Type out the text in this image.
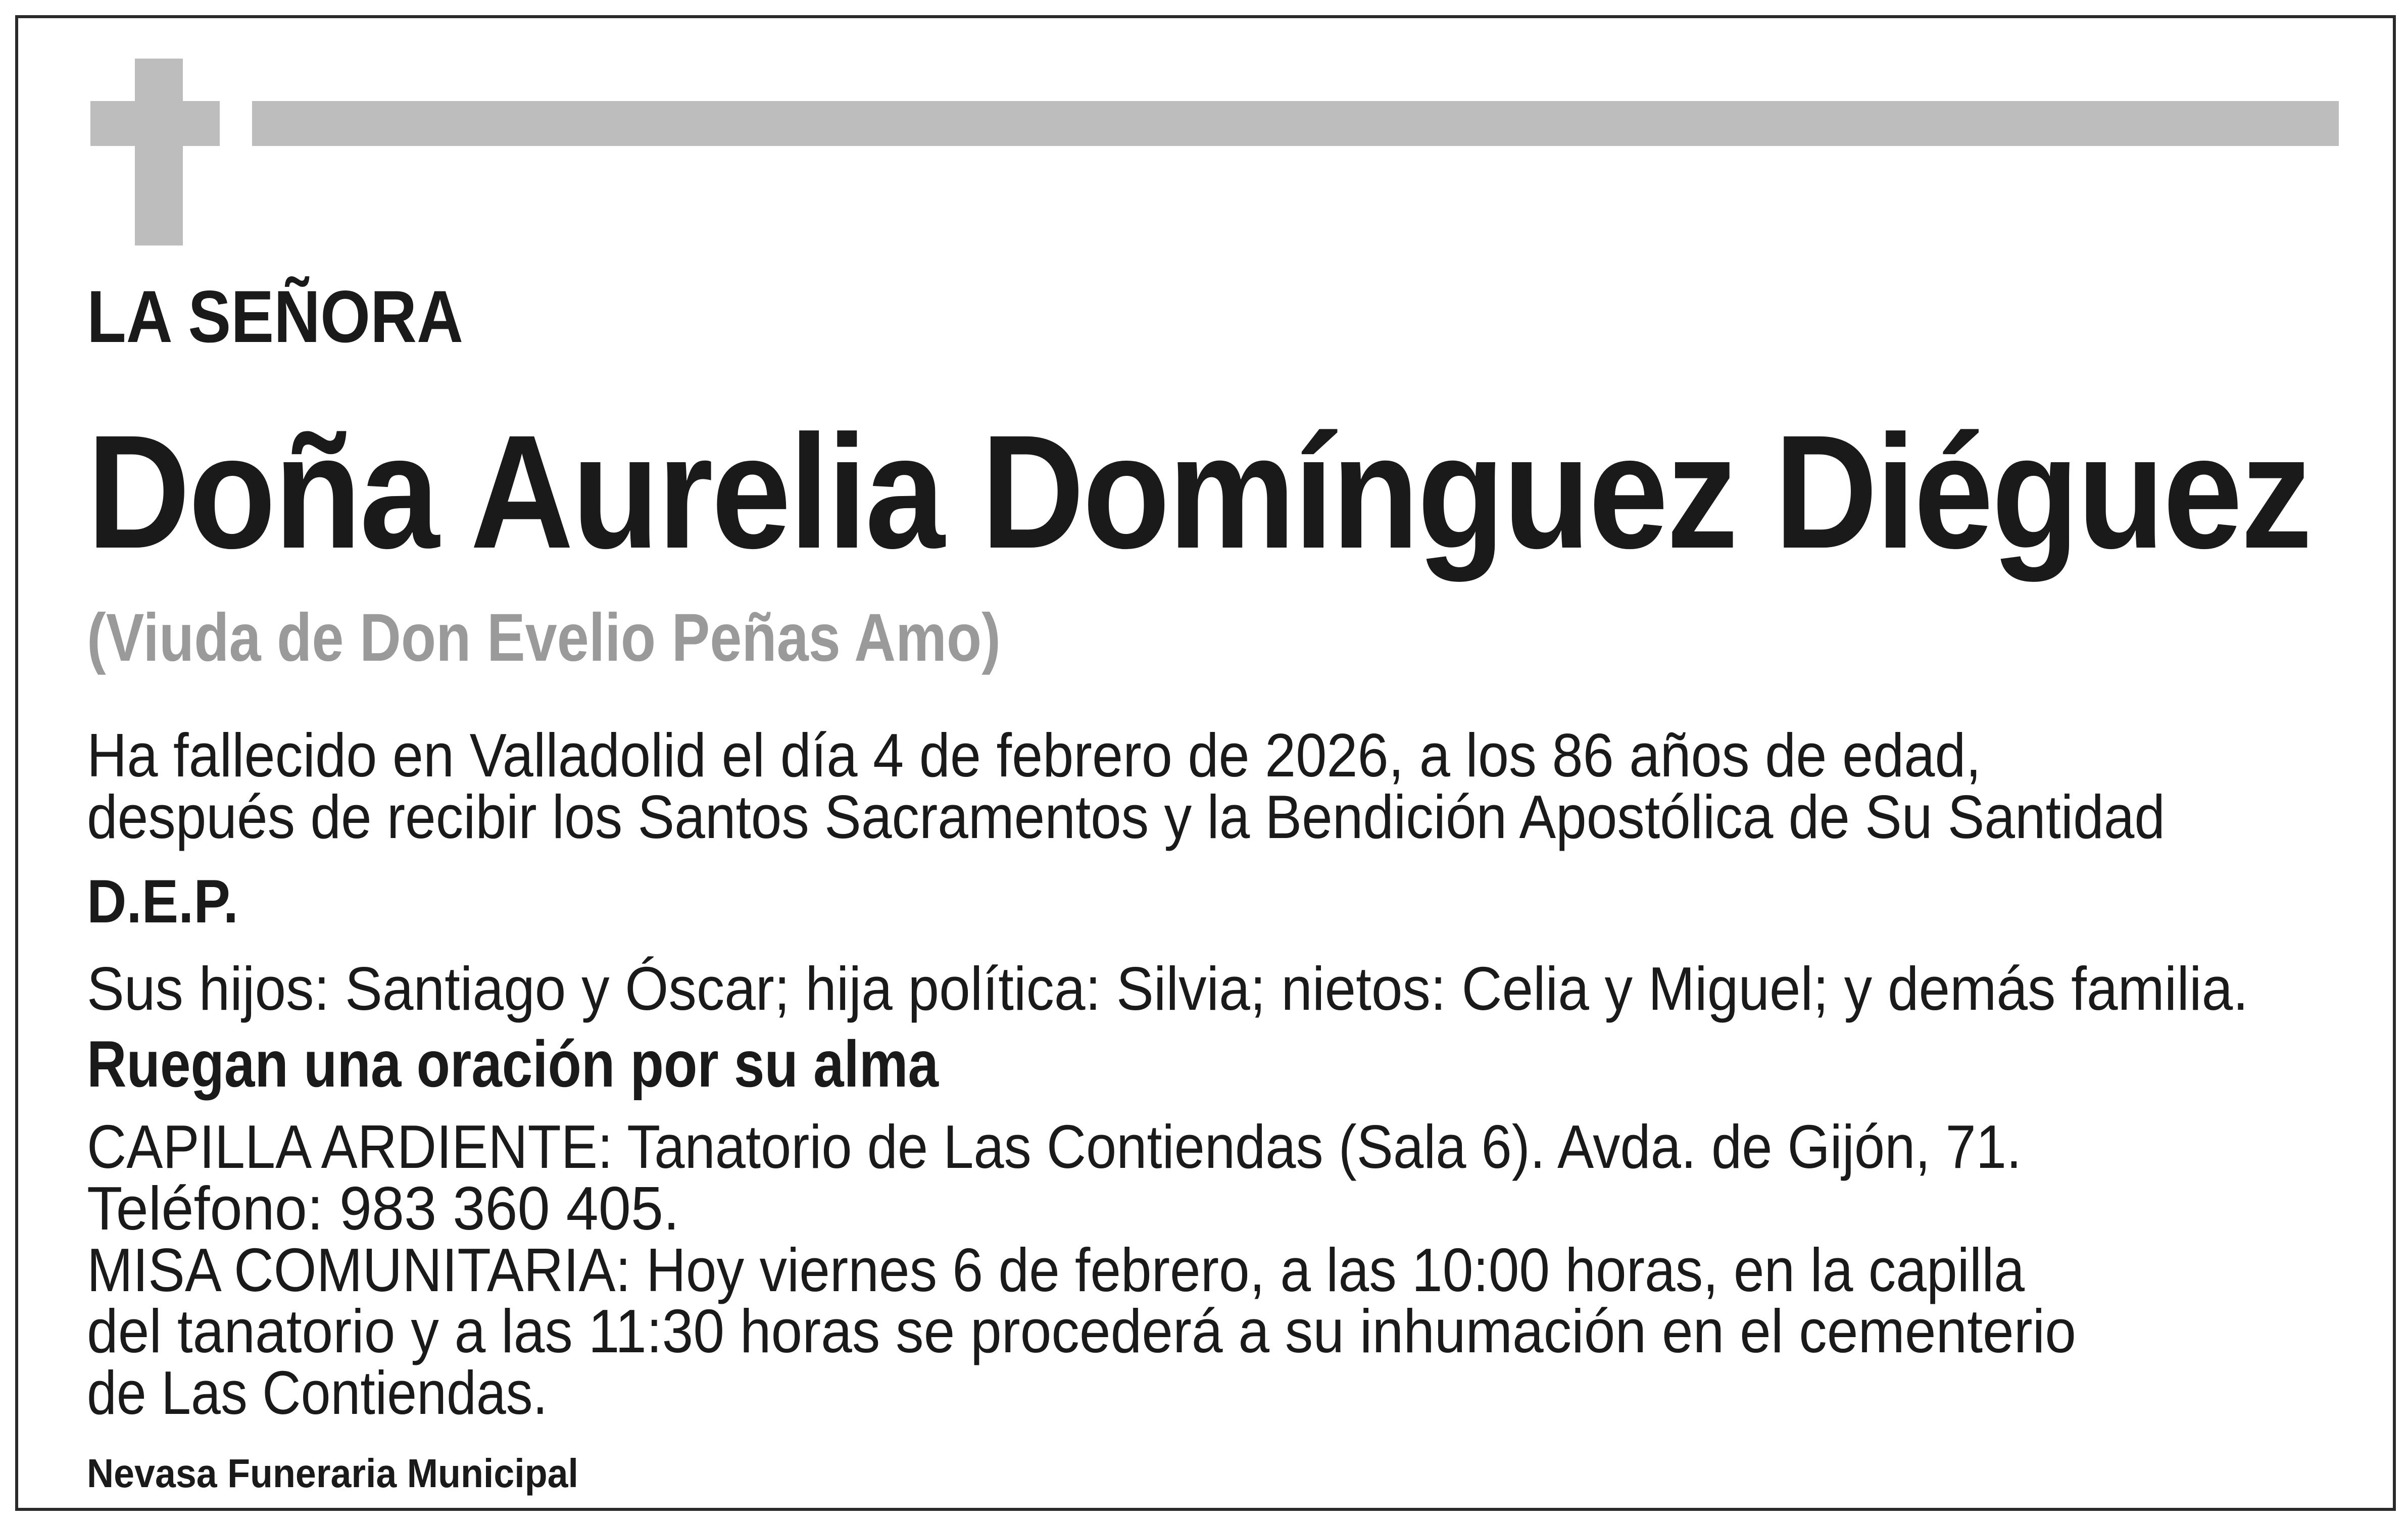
LA SEÑORA
Doña Aurelia Domínguez Diéguez
(Viuda de Don Evelio Peñas Amo)
Ha fallecido en Valladolid el día 4 de febrero de 2026, a los 86 años de edad,
después de recibir los Santos Sacramentos y la Bendición Apostólica de Su Santidad
D.E.P.
Sus hijos: Santiago y Óscar; hija política: Silvia; nietos: Celia y Miguel; y demás familia.
Ruegan una oración por su alma
CAPILLA ARDIENTE: Tanatorio de Las Contiendas (Sala 6). Avda. de Gijón, 71.
Teléfono: 983 360 405.
MISA COMUNITARIA: Hoy viernes 6 de febrero, a las 10:00 horas, en la capilla
del tanatorio y a las 11:30 horas se procederá a su inhumación en el cementerio
de Las Contiendas.
Nevasa Funeraria Municipal
